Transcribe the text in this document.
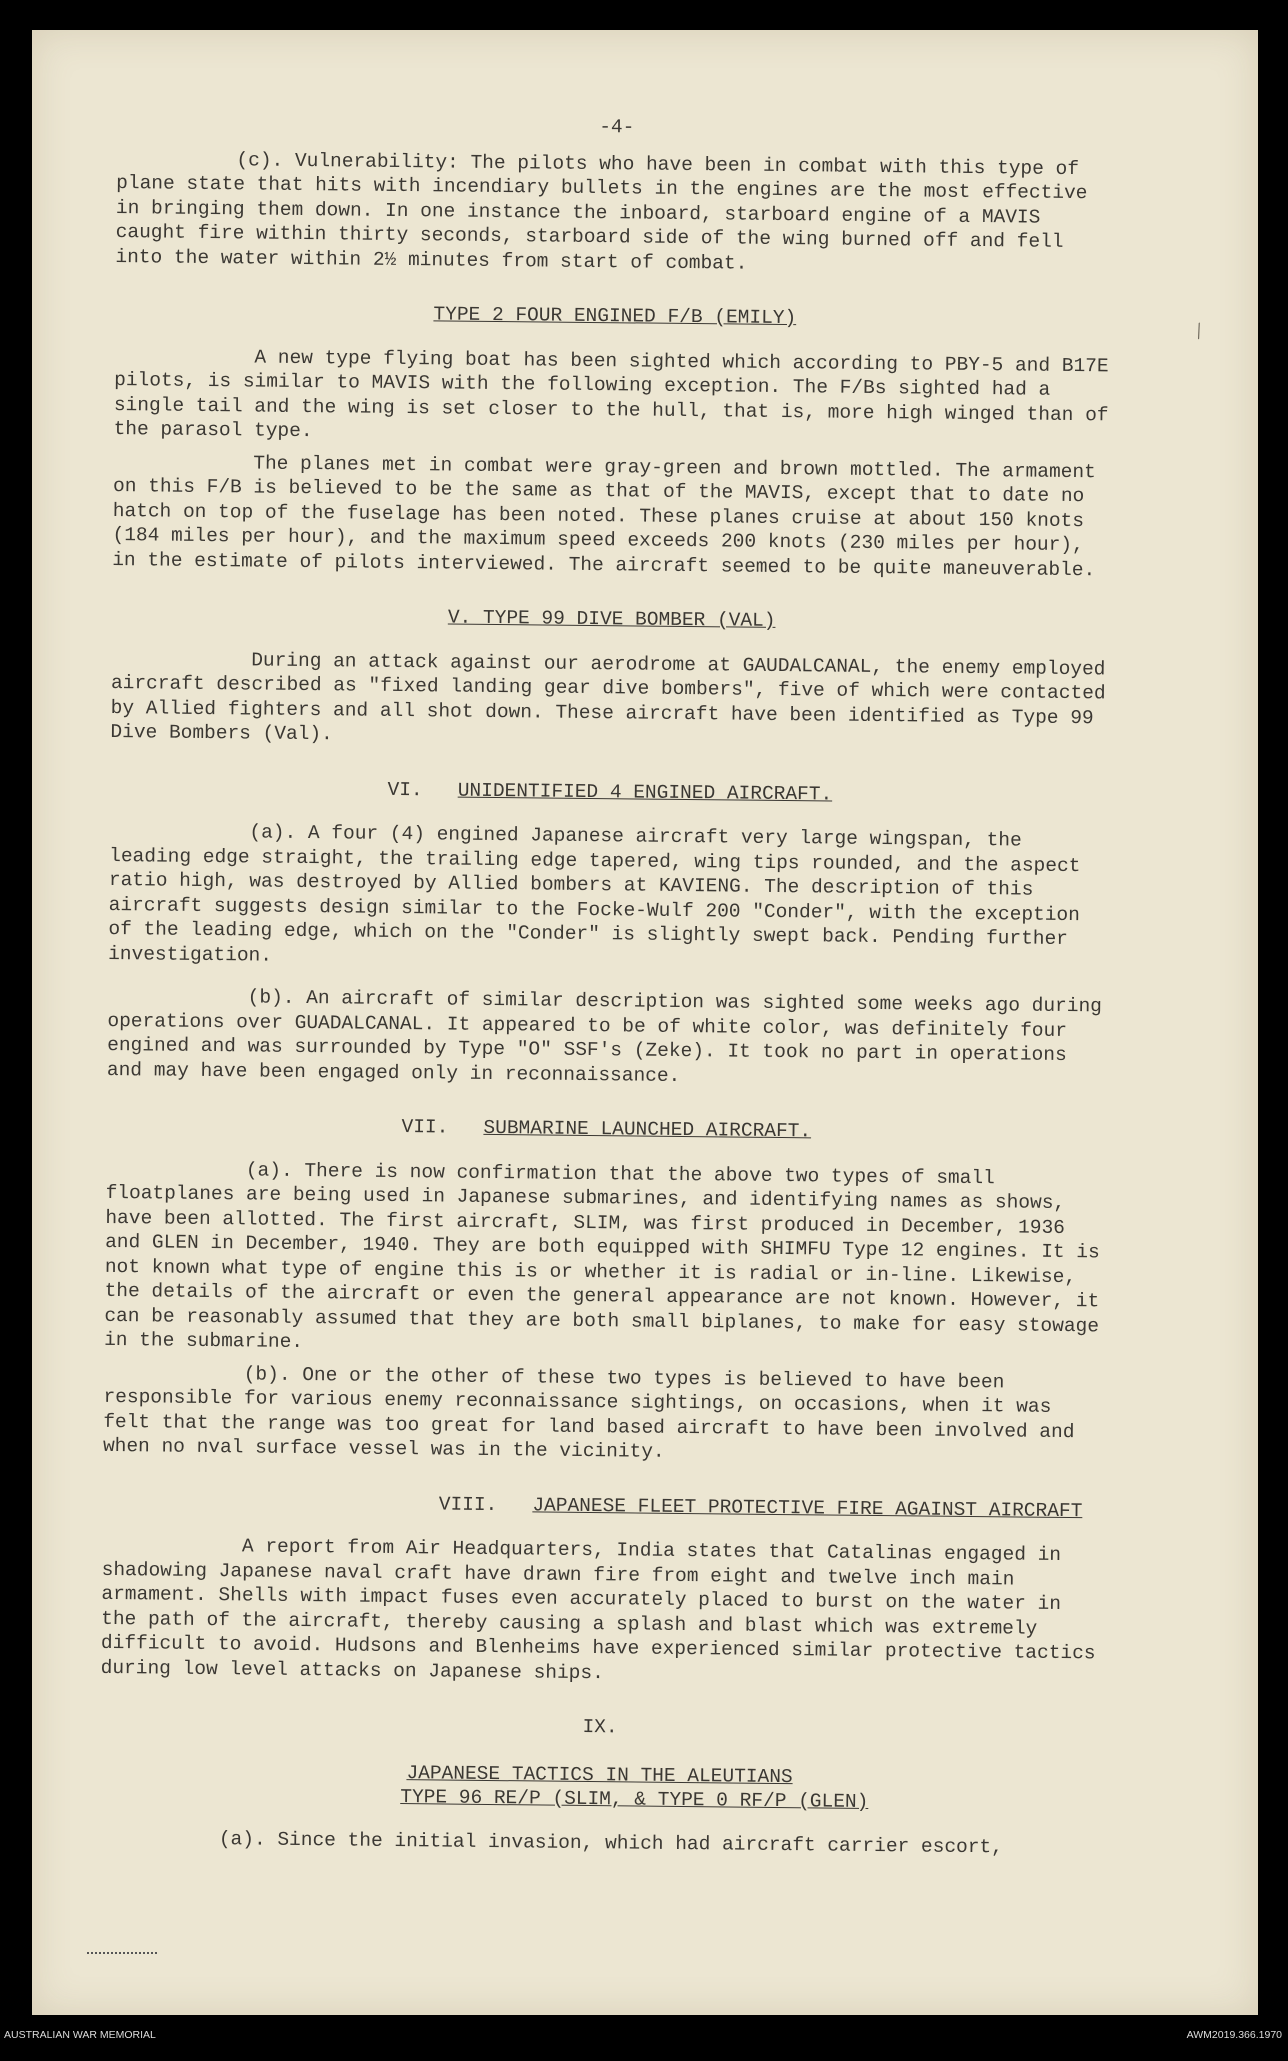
⁄
-4-

(c). Vulnerability: The pilots who have been in combat with this type of plane state that hits with incendiary bullets in the engines are the most effective in bringing them down. In one instance the inboard, starboard engine of a MAVIS caught fire within thirty seconds, starboard side of the wing burned off and fell into the water within 2½ minutes from start of combat.

TYPE 2 FOUR ENGINED F/B (EMILY)

A new type flying boat has been sighted which according to PBY-5 and B17E pilots, is similar to MAVIS with the following exception. The F/Bs sighted had a single tail and the wing is set closer to the hull, that is, more high winged than of the parasol type.

The planes met in combat were gray-green and brown mottled. The armament on this F/B is believed to be the same as that of the MAVIS, except that to date no hatch on top of the fuselage has been noted. These planes cruise at about 150 knots (184 miles per hour), and the maximum speed exceeds 200 knots (230 miles per hour), in the estimate of pilots interviewed. The aircraft seemed to be quite maneuverable.

V. TYPE 99 DIVE BOMBER (VAL)

During an attack against our aerodrome at GAUDALCANAL, the enemy employed aircraft described as "fixed landing gear dive bombers", five of which were contacted by Allied fighters and all shot down. These aircraft have been identified as Type 99 Dive Bombers (Val).

VI. UNIDENTIFIED 4 ENGINED AIRCRAFT.

(a). A four (4) engined Japanese aircraft very large wingspan, the leading edge straight, the trailing edge tapered, wing tips rounded, and the aspect ratio high, was destroyed by Allied bombers at KAVIENG. The description of this aircraft suggests design similar to the Focke-Wulf 200 "Conder", with the exception of the leading edge, which on the "Conder" is slightly swept back. Pending further investigation.

(b). An aircraft of similar description was sighted some weeks ago during operations over GUADALCANAL. It appeared to be of white color, was definitely four engined and was surrounded by Type "O" SSF's (Zeke). It took no part in operations and may have been engaged only in reconnaissance.

VII. SUBMARINE LAUNCHED AIRCRAFT.

(a). There is now confirmation that the above two types of small floatplanes are being used in Japanese submarines, and identifying names as shows, have been allotted. The first aircraft, SLIM, was first produced in December, 1936 and GLEN in December, 1940. They are both equipped with SHIMFU Type 12 engines. It is not known what type of engine this is or whether it is radial or in-line. Likewise, the details of the aircraft or even the general appearance are not known. However, it can be reasonably assumed that they are both small biplanes, to make for easy stowage in the submarine.

(b). One or the other of these two types is believed to have been responsible for various enemy reconnaissance sightings, on occasions, when it was felt that the range was too great for land based aircraft to have been involved and when no nval surface vessel was in the vicinity.

VIII. JAPANESE FLEET PROTECTIVE FIRE AGAINST AIRCRAFT

A report from Air Headquarters, India states that Catalinas engaged in shadowing Japanese naval craft have drawn fire from eight and twelve inch main armament. Shells with impact fuses even accurately placed to burst on the water in the path of the aircraft, thereby causing a splash and blast which was extremely difficult to avoid. Hudsons and Blenheims have experienced similar protective tactics during low level attacks on Japanese ships.

IX.

JAPANESE TACTICS IN THE ALEUTIANS
TYPE 96 RE/P (SLIM, & TYPE 0 RF/P (GLEN)

(a). Since the initial invasion, which had aircraft carrier escort,

AUSTRALIAN WAR MEMORIAL	AWM2019.366.1970
